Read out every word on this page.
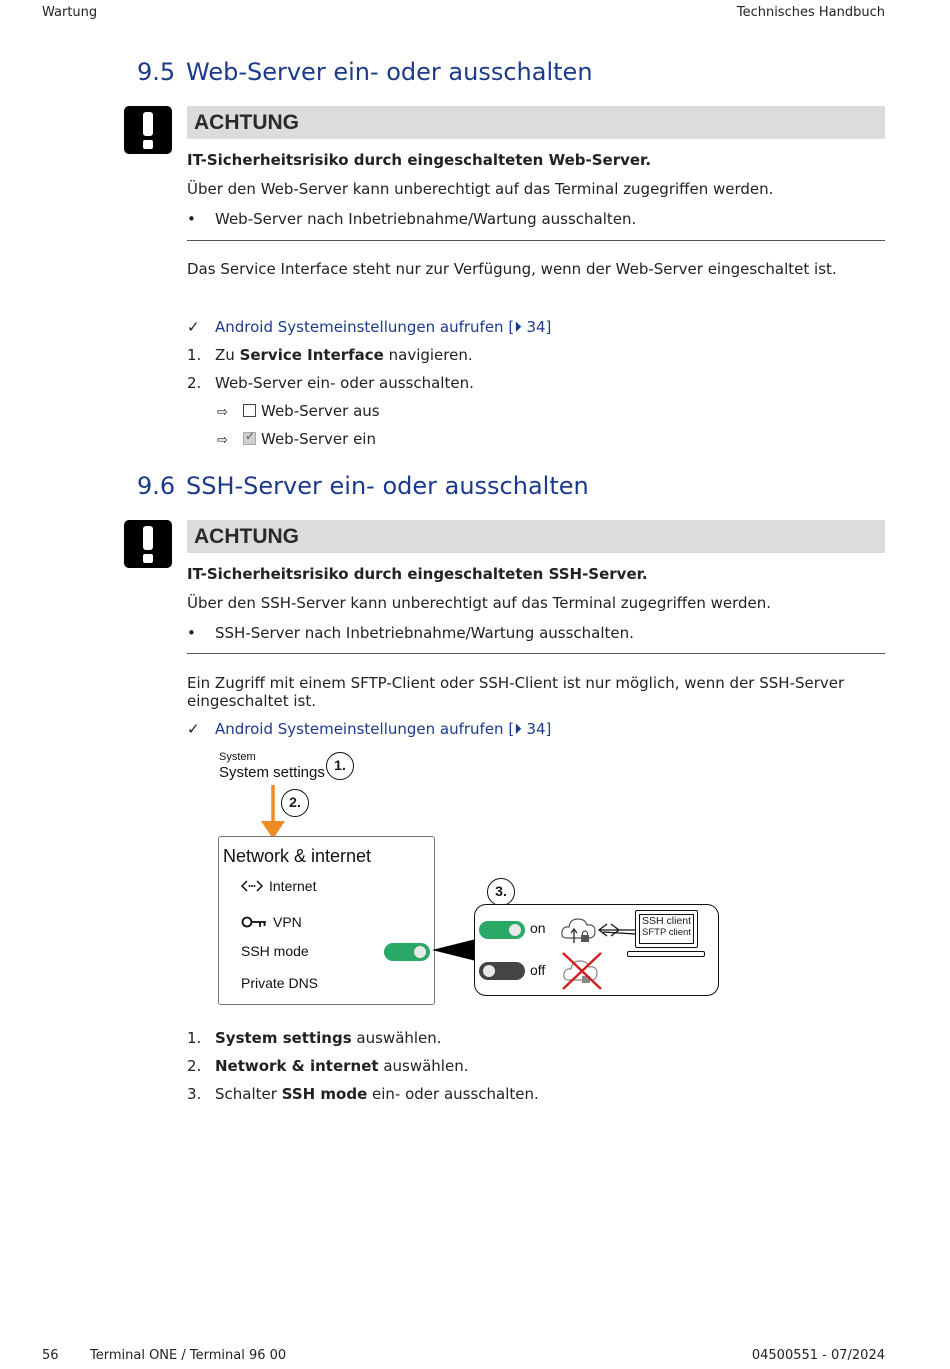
Wartung	Technisches Handbuch
56 Terminal ONE / Terminal 96 00	04500551 - 07/2024
9.5 Web-Server ein- oder ausschalten
ACHTUNG
IT-Sicherheitsrisiko durch eingeschalteten Web-Server.
Über den Web-Server kann unberechtigt auf das Terminal zugegriffen werden.
• Web-Server nach Inbetriebnahme/Wartung ausschalten.
Das Service Interface steht nur zur Verfügung, wenn der Web-Server eingeschaltet ist.
✓ Android Systemeinstellungen aufrufen [⏵ 34]
1. Zu Service Interface navigieren.
2. Web-Server ein- oder ausschalten.
⇨ Web-Server aus
⇨✓ Web-Server ein
9.6 SSH-Server ein- oder ausschalten
ACHTUNG
IT-Sicherheitsrisiko durch eingeschalteten SSH-Server.
Über den SSH-Server kann unberechtigt auf das Terminal zugegriffen werden.
• SSH-Server nach Inbetriebnahme/Wartung ausschalten.
Ein Zugriff mit einem SFTP-Client oder SSH-Client ist nur möglich, wenn der SSH-Server eingeschaltet ist.
✓ Android Systemeinstellungen aufrufen [⏵ 34]
System
System settings 1.
2.
Network & internet
Internet
VPN
SSH mode
Private DNS
3.
on
off
SSH client
SFTP client
1. System settings auswählen.
2. Network & internet auswählen.
3. Schalter SSH mode ein- oder ausschalten.
